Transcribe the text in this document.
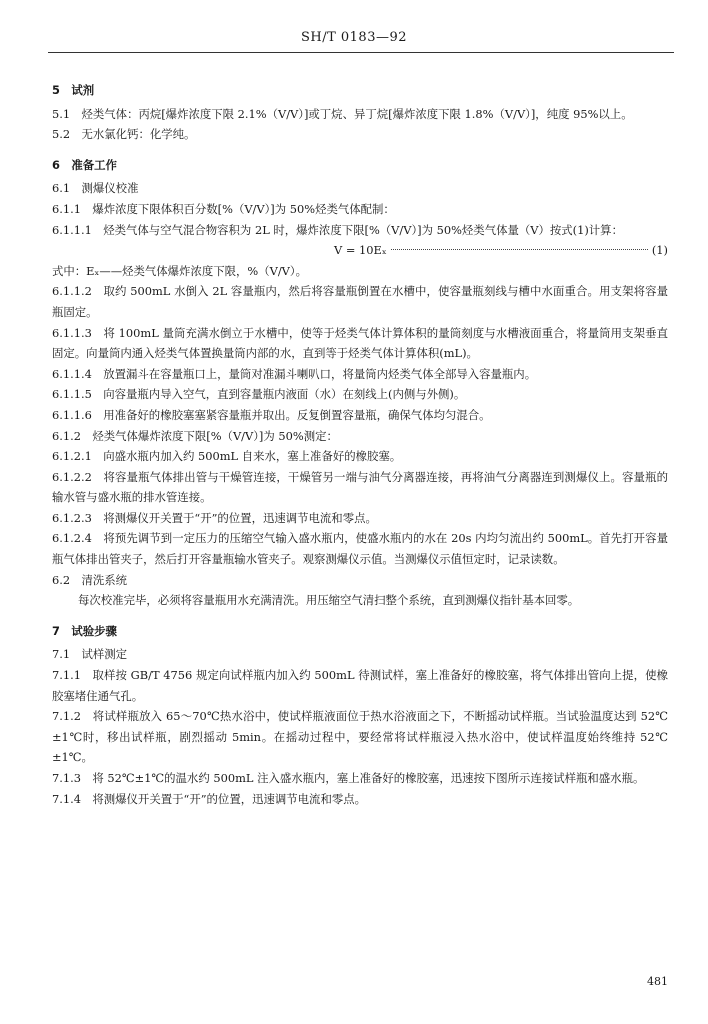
SH/T 0183—92

5　试剂

5.1　烃类气体：丙烷[爆炸浓度下限 2.1%（V/V）]或丁烷、异丁烷[爆炸浓度下限 1.8%（V/V）]，纯度 95%以上。

5.2　无水氯化钙：化学纯。

6　准备工作

6.1　测爆仪校准

6.1.1　爆炸浓度下限体积百分数[%（V/V）]为 50%烃类气体配制：

6.1.1.1　烃类气体与空气混合物容积为 2L 时，爆炸浓度下限[%（V/V）]为 50%烃类气体量（V）按式(1)计算：

V = 10Eₓ	(1)

式中：Eₓ——烃类气体爆炸浓度下限，%（V/V）。

6.1.1.2　取约 500mL 水倒入 2L 容量瓶内，然后将容量瓶倒置在水槽中，使容量瓶刻线与槽中水面重合。用支架将容量瓶固定。

6.1.1.3　将 100mL 量筒充满水倒立于水槽中，使等于烃类气体计算体积的量筒刻度与水槽液面重合，将量筒用支架垂直固定。向量筒内通入烃类气体置换量筒内部的水，直到等于烃类气体计算体积(mL)。

6.1.1.4　放置漏斗在容量瓶口上，量筒对准漏斗喇叭口，将量筒内烃类气体全部导入容量瓶内。

6.1.1.5　向容量瓶内导入空气，直到容量瓶内液面（水）在刻线上(内侧与外侧)。

6.1.1.6　用准备好的橡胶塞塞紧容量瓶并取出。反复倒置容量瓶，确保气体均匀混合。

6.1.2　烃类气体爆炸浓度下限[%（V/V）]为 50%测定：

6.1.2.1　向盛水瓶内加入约 500mL 自来水，塞上准备好的橡胶塞。

6.1.2.2　将容量瓶气体排出管与干燥管连接，干燥管另一端与油气分离器连接，再将油气分离器连到测爆仪上。容量瓶的输水管与盛水瓶的排水管连接。

6.1.2.3　将测爆仪开关置于“开”的位置，迅速调节电流和零点。

6.1.2.4　将预先调节到一定压力的压缩空气输入盛水瓶内，使盛水瓶内的水在 20s 内均匀流出约 500mL。首先打开容量瓶气体排出管夹子，然后打开容量瓶输水管夹子。观察测爆仪示值。当测爆仪示值恒定时，记录读数。

6.2　清洗系统

每次校准完毕，必须将容量瓶用水充满清洗。用压缩空气清扫整个系统，直到测爆仪指针基本回零。

7　试验步骤

7.1　试样测定

7.1.1　取样按 GB/T 4756 规定向试样瓶内加入约 500mL 待测试样，塞上准备好的橡胶塞，将气体排出管向上提，使橡胶塞堵住通气孔。

7.1.2　将试样瓶放入 65～70℃热水浴中，使试样瓶液面位于热水浴液面之下，不断摇动试样瓶。当试验温度达到 52℃±1℃时，移出试样瓶，剧烈摇动 5min。在摇动过程中，要经常将试样瓶浸入热水浴中，使试样温度始终维持 52℃±1℃。

7.1.3　将 52℃±1℃的温水约 500mL 注入盛水瓶内，塞上准备好的橡胶塞，迅速按下图所示连接试样瓶和盛水瓶。

7.1.4　将测爆仪开关置于“开”的位置，迅速调节电流和零点。

481
